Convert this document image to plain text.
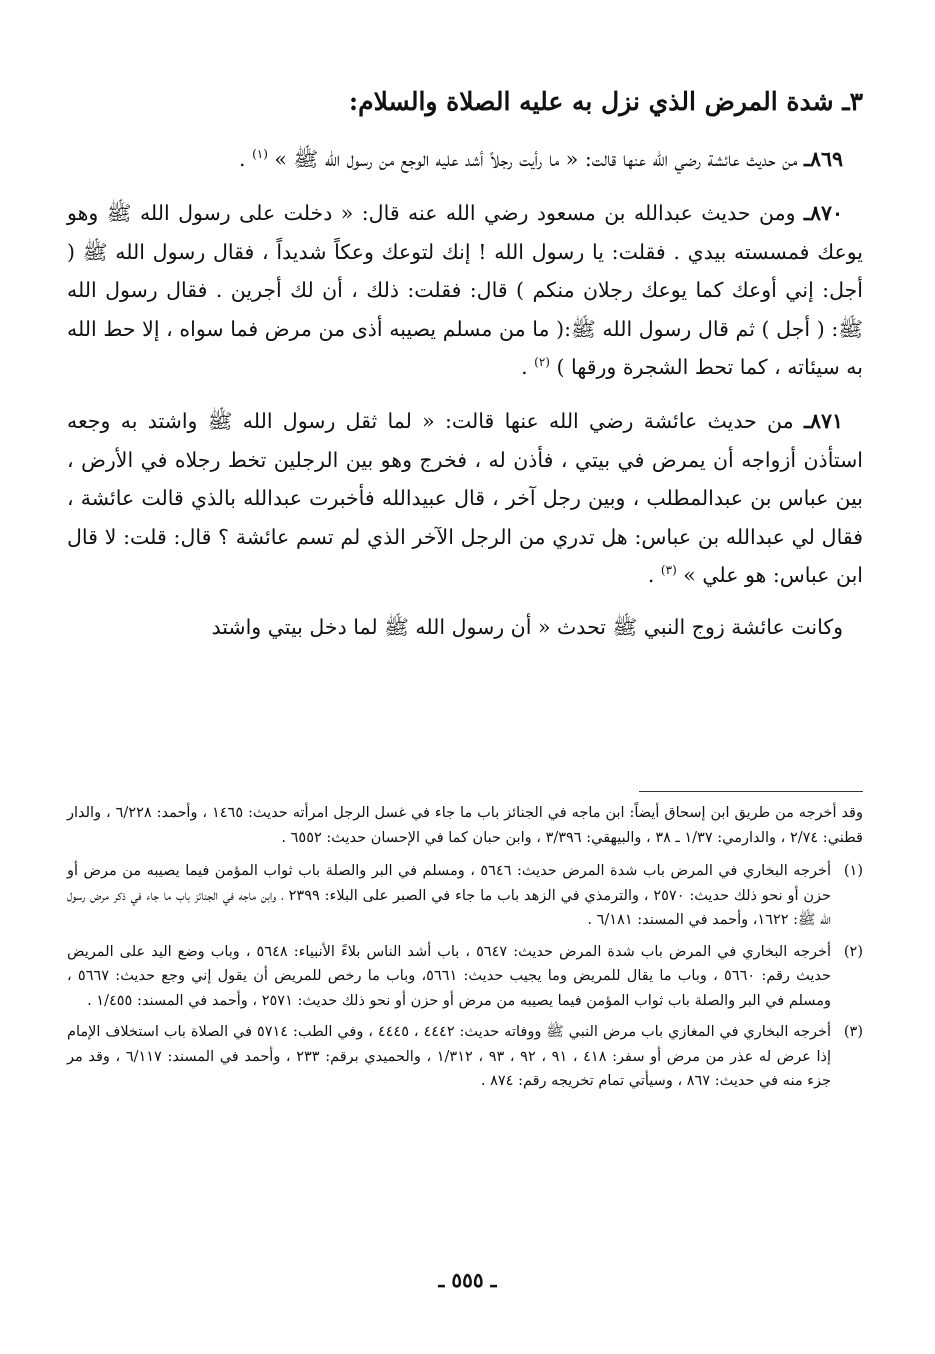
٣ـ شدة المرض الذي نزل به عليه الصلاة والسلام:

٨٦٩ـ من حديث عائشة رضي الله عنها قالت: « ما رأيت رجلاً أشد عليه الوجع من رسول الله ﷺ » $^{(١)}$ .

٨٧٠ـ ومن حديث عبدالله بن مسعود رضي الله عنه قال: « دخلت على رسول الله ﷺ وهو يوعك فمسسته بيدي . فقلت: يا رسول الله ! إنك لتوعك وعكاً شديداً ، فقال رسول الله ﷺ ( أجل: إني أوعك كما يوعك رجلان منكم ) قال: فقلت: ذلك ، أن لك أجرين . فقال رسول الله ﷺ: ( أجل ) ثم قال رسول الله ﷺ:( ما من مسلم يصيبه أذى من مرض فما سواه ، إلا حط الله به سيئاته ، كما تحط الشجرة ورقها ) $^{(٢)}$ .

٨٧١ـ من حديث عائشة رضي الله عنها قالت: « لما ثقل رسول الله ﷺ واشتد به وجعه استأذن أزواجه أن يمرض في بيتي ، فأذن له ، فخرج وهو بين الرجلين تخط رجلاه في الأرض ، بين عباس بن عبدالمطلب ، وبين رجل آخر ، قال عبيدالله فأخبرت عبدالله بالذي قالت عائشة ، فقال لي عبدالله بن عباس: هل تدري من الرجل الآخر الذي لم تسم عائشة ؟ قال: قلت: لا قال ابن عباس: هو علي » $^{(٣)}$ .

وكانت عائشة زوج النبي ﷺ تحدث « أن رسول الله ﷺ لما دخل بيتي واشتد

وقد أخرجه من طريق ابن إسحاق أيضاً: ابن ماجه في الجنائز باب ما جاء في غسل الرجل امرأته حديث: ١٤٦٥ ، وأحمد: ٦/٢٢٨ ، والدار قطني: ٢/٧٤ ، والدارمي: ١/٣٧ ـ ٣٨ ، والبيهقي: ٣/٣٩٦ ، وابن حبان كما في الإحسان حديث: ٦٥٥٢ .
(١)
أخرجه البخاري في المرض باب شدة المرض حديث: ٥٦٤٦ ، ومسلم في البر والصلة باب ثواب المؤمن فيما يصيبه من مرض أو حزن أو نحو ذلك حديث: ٢٥٧٠ ، والترمذي في الزهد باب ما جاء في الصبر على البلاء: ٢٣٩٩ ، وابن ماجه في الجنائز باب ما جاء في ذكر مرض رسول الله ﷺ: ١٦٢٢، وأحمد في المسند: ٦/١٨١ .
(٢)
أخرجه البخاري في المرض باب شدة المرض حديث: ٥٦٤٧ ، باب أشد الناس بلاءً الأنبياء: ٥٦٤٨ ، وباب وضع اليد على المريض حديث رقم: ٥٦٦٠ ، وباب ما يقال للمريض وما يجيب حديث: ٥٦٦١، وباب ما رخص للمريض أن يقول إني وجع حديث: ٥٦٦٧ ، ومسلم في البر والصلة باب ثواب المؤمن فيما يصيبه من مرض أو حزن أو نحو ذلك حديث: ٢٥٧١ ، وأحمد في المسند: ١/٤٥٥ .
(٣)
أخرجه البخاري في المغازي باب مرض النبي ﷺ ووفاته حديث: ٤٤٤٢ ، ٤٤٤٥ ، وفي الطب: ٥٧١٤ في الصلاة باب استخلاف الإمام إذا عرض له عذر من مرض أو سفر: ٤١٨ ، ٩١ ، ٩٢ ، ٩٣ ، ١/٣١٢ ، والحميدي برقم: ٢٣٣ ، وأحمد في المسند: ٦/١١٧ ، وقد مر جزء منه في حديث: ٨٦٧ ، وسيأتي تمام تخريجه رقم: ٨٧٤ .
ـ ٥٥٥ ـ
